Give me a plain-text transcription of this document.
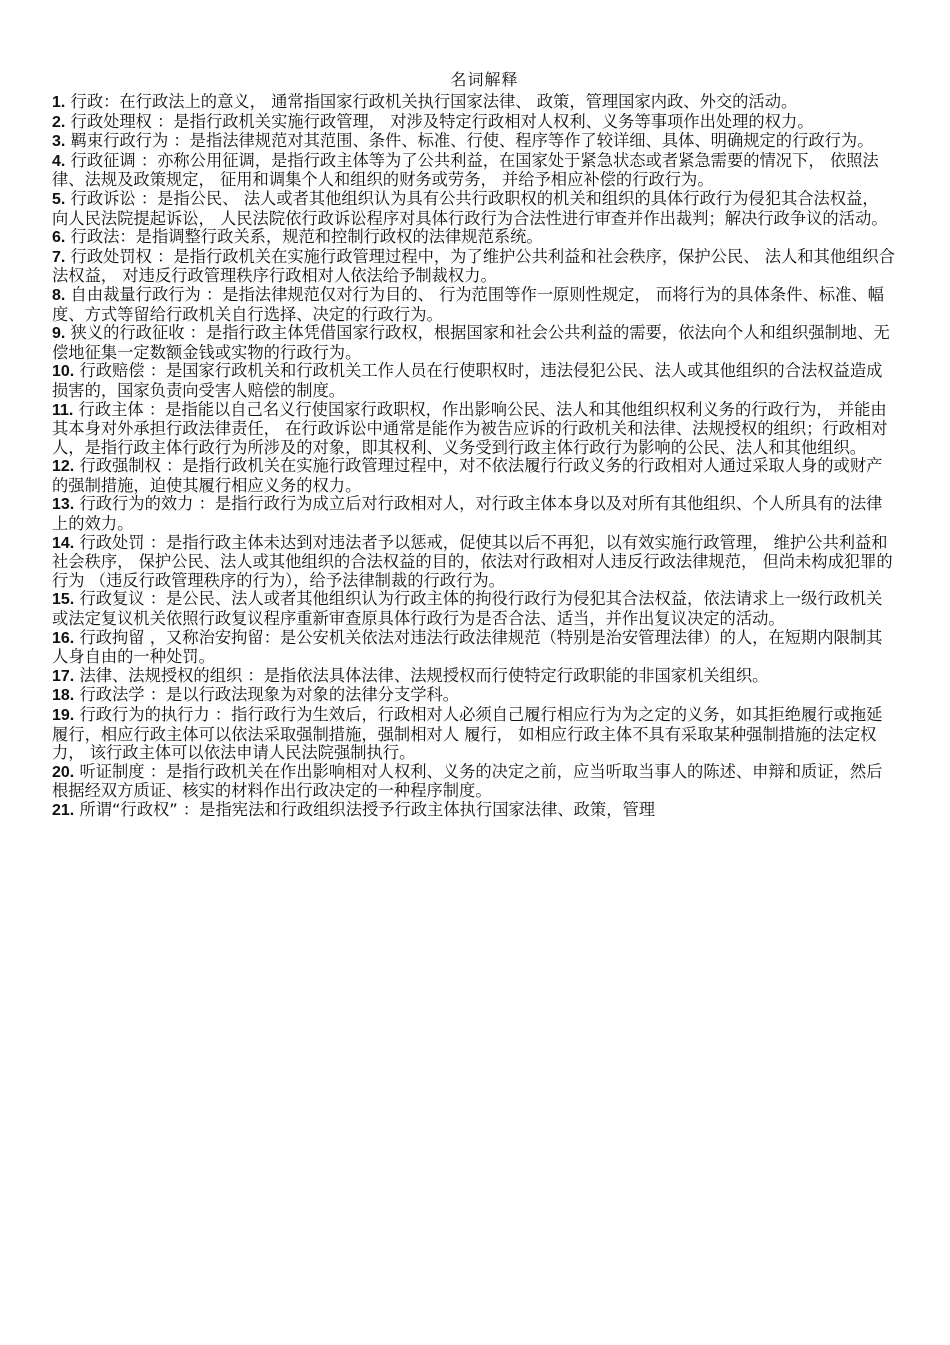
名词解释

1. 行政：在行政法上的意义， 通常指国家行政机关执行国家法律、 政策，管理国家内政、外交的活动。

2. 行政处理权 ：是指行政机关实施行政管理， 对涉及特定行政相对人权利、义务等事项作出处理的权力。

3. 羁束行政行为 ：是指法律规范对其范围、条件、标准、行使、程序等作了较详细、具体、明确规定的行政行为。

4. 行政征调 ：亦称公用征调，是指行政主体等为了公共利益，在国家处于紧急状态或者紧急需要的情况下， 依照法律、法规及政策规定， 征用和调集个人和组织的财务或劳务， 并给予相应补偿的行政行为。

5. 行政诉讼 ：是指公民、 法人或者其他组织认为具有公共行政职权的机关和组织的具体行政行为侵犯其合法权益， 向人民法院提起诉讼， 人民法院依行政诉讼程序对具体行政行为合法性进行审查并作出裁判；解决行政争议的活动。

6. 行政法：是指调整行政关系，规范和控制行政权的法律规范系统。

7. 行政处罚权 ：是指行政机关在实施行政管理过程中，为了维护公共利益和社会秩序，保护公民、 法人和其他组织合法权益， 对违反行政管理秩序行政相对人依法给予制裁权力。

8. 自由裁量行政行为 ：是指法律规范仅对行为目的、 行为范围等作一原则性规定， 而将行为的具体条件、标准、幅度、方式等留给行政机关自行选择、决定的行政行为。

9. 狭义的行政征收 ：是指行政主体凭借国家行政权，根据国家和社会公共利益的需要，依法向个人和组织强制地、无偿地征集一定数额金钱或实物的行政行为。

10. 行政赔偿 ：是国家行政机关和行政机关工作人员在行使职权时，违法侵犯公民、法人或其他组织的合法权益造成损害的，国家负责向受害人赔偿的制度。

11. 行政主体 ：是指能以自己名义行使国家行政职权，作出影响公民、法人和其他组织权利义务的行政行为， 并能由其本身对外承担行政法律责任， 在行政诉讼中通常是能作为被告应诉的行政机关和法律、法规授权的组织；行政相对人，是指行政主体行政行为所涉及的对象，即其权利、义务受到行政主体行政行为影响的公民、法人和其他组织。

12. 行政强制权 ：是指行政机关在实施行政管理过程中，对不依法履行行政义务的行政相对人通过采取人身的或财产的强制措施，迫使其履行相应义务的权力。

13. 行政行为的效力 ：是指行政行为成立后对行政相对人，对行政主体本身以及对所有其他组织、个人所具有的法律上的效力。

14. 行政处罚 ：是指行政主体未达到对违法者予以惩戒，促使其以后不再犯，以有效实施行政管理， 维护公共利益和社会秩序， 保护公民、法人或其他组织的合法权益的目的，依法对行政相对人违反行政法律规范， 但尚未构成犯罪的行为 （违反行政管理秩序的行为），给予法律制裁的行政行为。

15. 行政复议 ：是公民、法人或者其他组织认为行政主体的拘役行政行为侵犯其合法权益，依法请求上一级行政机关或法定复议机关依照行政复议程序重新审查原具体行政行为是否合法、适当，并作出复议决定的活动。

16. 行政拘留 ，又称治安拘留：是公安机关依法对违法行政法律规范（特别是治安管理法律）的人，在短期内限制其人身自由的一种处罚。

17. 法律、法规授权的组织 ：是指依法具体法律、法规授权而行使特定行政职能的非国家机关组织。

18. 行政法学 ：是以行政法现象为对象的法律分支学科。

19. 行政行为的执行力 ：指行政行为生效后，行政相对人必须自己履行相应行为为之定的义务，如其拒绝履行或拖延履行，相应行政主体可以依法采取强制措施，强制相对人 履行， 如相应行政主体不具有采取某种强制措施的法定权力， 该行政主体可以依法申请人民法院强制执行。

20. 听证制度 ：是指行政机关在作出影响相对人权利、义务的决定之前，应当听取当事人的陈述、申辩和质证，然后根据经双方质证、核实的材料作出行政决定的一种程序制度。

21. 所谓“行政权” ：是指宪法和行政组织法授予行政主体执行国家法律、政策，管理
